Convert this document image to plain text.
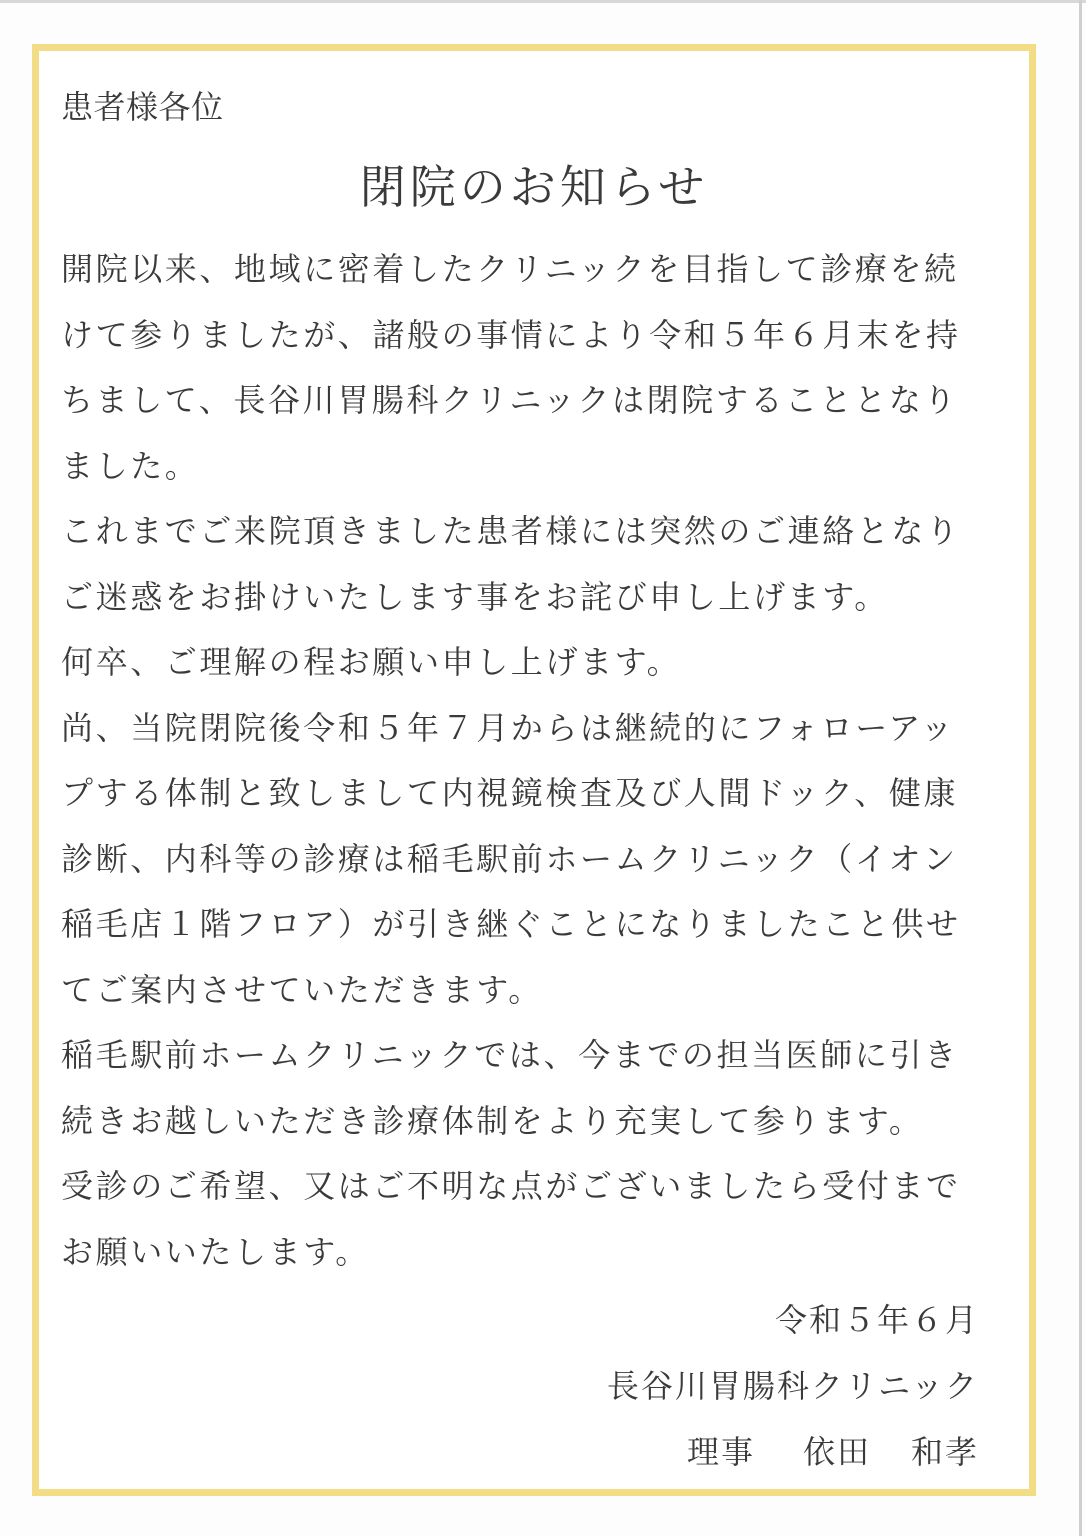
患者様各位
閉院のお知らせ
開院以来、地域に密着したクリニックを目指して診療を続
けて参りましたが、諸般の事情により令和５年６月末を持
ちまして、長谷川胃腸科クリニックは閉院することとなり
ました。
これまでご来院頂きました患者様には突然のご連絡となり
ご迷惑をお掛けいたします事をお詫び申し上げます。
何卒、ご理解の程お願い申し上げます。
尚、当院閉院後令和５年７月からは継続的にフォローアッ
プする体制と致しまして内視鏡検査及び人間ドック、健康
診断、内科等の診療は稲毛駅前ホームクリニック（イオン
稲毛店１階フロア）が引き継ぐことになりましたこと供せ
てご案内させていただきます。
稲毛駅前ホームクリニックでは、今までの担当医師に引き
続きお越しいただき診療体制をより充実して参ります。
受診のご希望、又はご不明な点がございましたら受付まで
お願いいたします。
令和５年６月
長谷川胃腸科クリニック
理事 依田 和孝
